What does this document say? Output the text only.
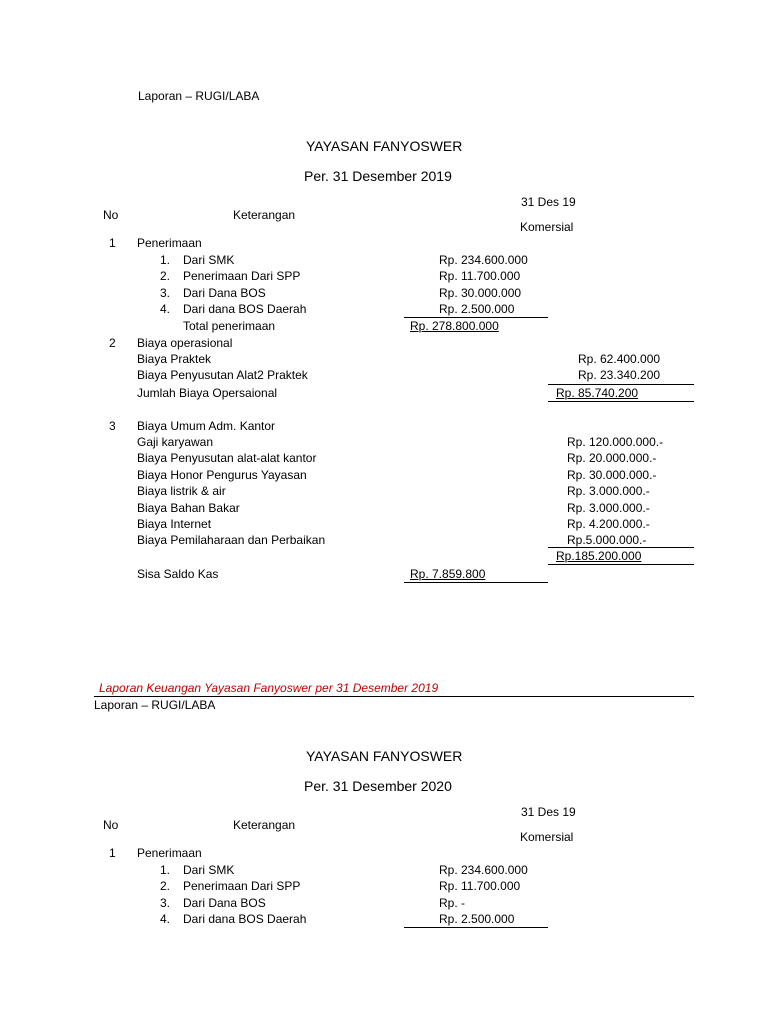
Laporan – RUGI/LABA
YAYASAN FANYOSWER
Per. 31 Desember 2019
31 Des 19
No	Keterangan
Komersial
1 Penerimaan
1. Dari SMK	Rp. 234.600.000
2. Penerimaan Dari SPP	Rp. 11.700.000
3. Dari Dana BOS	Rp. 30.000.000
4. Dari dana BOS Daerah	Rp. 2.500.000
Total penerimaan	Rp. 278.800.000
2 Biaya operasional
Biaya Praktek	Rp. 62.400.000
Biaya Penyusutan Alat2 Praktek	Rp. 23.340.200
Jumlah Biaya Opersaional	Rp. 85.740.200
3 Biaya Umum Adm. Kantor
Gaji karyawan	Rp. 120.000.000.-
Biaya Penyusutan alat-alat kantor	Rp. 20.000.000.-
Biaya Honor Pengurus Yayasan	Rp. 30.000.000.-
Biaya listrik & air	Rp. 3.000.000.-
Biaya Bahan Bakar	Rp. 3.000.000.-
Biaya Internet	Rp. 4.200.000.-
Biaya Pemilaharaan dan Perbaikan	Rp.5.000.000.-
Rp.185.200.000
Sisa Saldo Kas	Rp. 7.859.800
Laporan Keuangan Yayasan Fanyoswer per 31 Desember 2019
Laporan – RUGI/LABA
YAYASAN FANYOSWER
Per. 31 Desember 2020
31 Des 19
No	Keterangan
Komersial
1 Penerimaan
1. Dari SMK	Rp. 234.600.000
2. Penerimaan Dari SPP	Rp. 11.700.000
3. Dari Dana BOS	Rp. -
4. Dari dana BOS Daerah	Rp. 2.500.000
